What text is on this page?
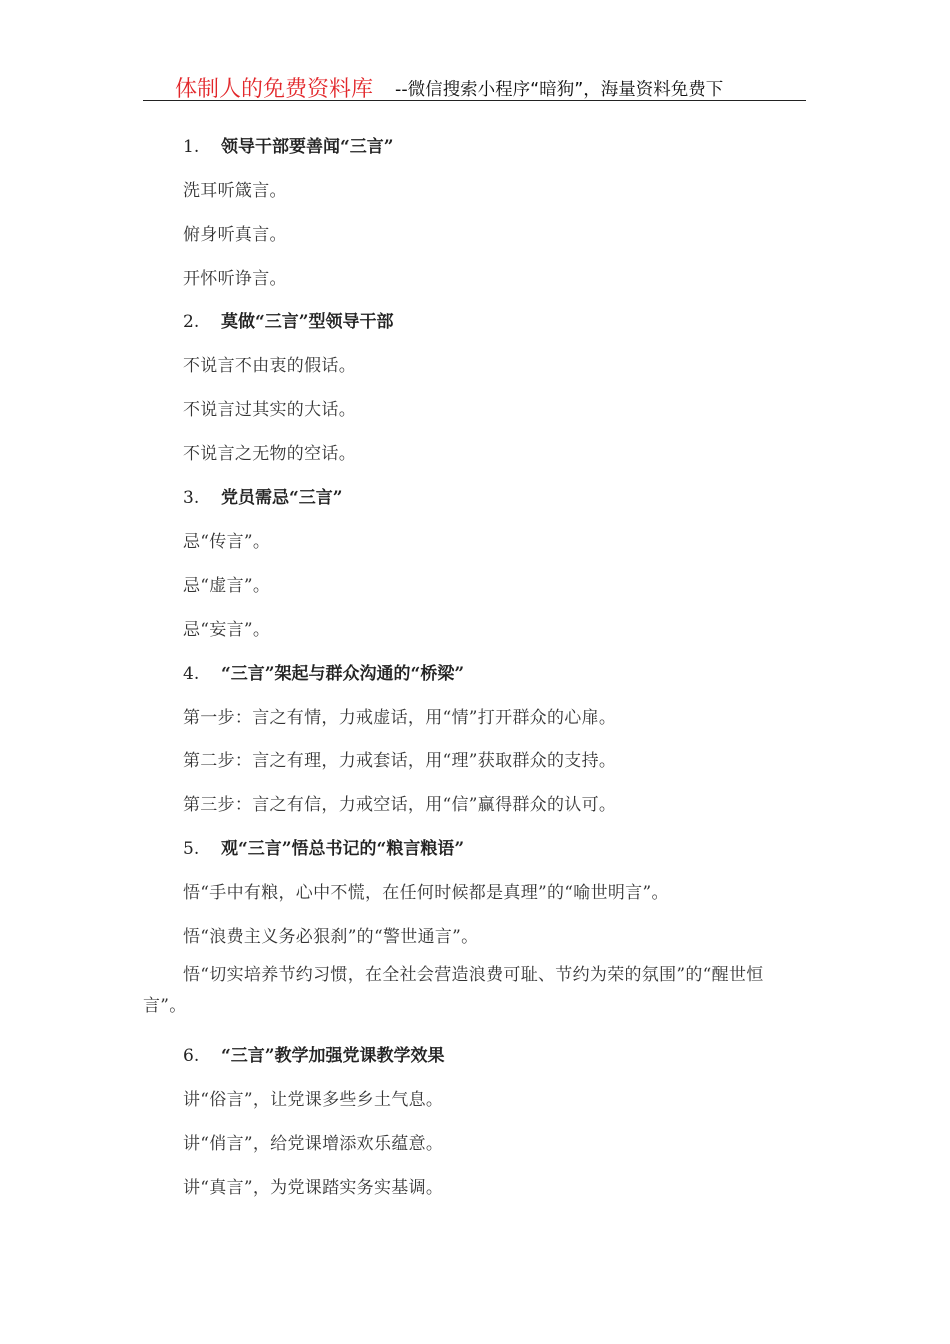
体制人的免费资料库 --微信搜索小程序“暗狗”，海量资料免费下
1. 领导干部要善闻“三言”
洗耳听箴言。
俯身听真言。
开怀听诤言。
2. 莫做“三言”型领导干部
不说言不由衷的假话。
不说言过其实的大话。
不说言之无物的空话。
3. 党员需忌“三言”
忌“传言”。
忌“虚言”。
忌“妄言”。
4. “三言”架起与群众沟通的“桥梁”
第一步：言之有情，力戒虚话，用“情”打开群众的心扉。
第二步：言之有理，力戒套话，用“理”获取群众的支持。
第三步：言之有信，力戒空话，用“信”赢得群众的认可。
5. 观“三言”悟总书记的“粮言粮语”
悟“手中有粮，心中不慌，在任何时候都是真理”的“喻世明言”。
悟“浪费主义务必狠刹”的“警世通言”。
悟“切实培养节约习惯，在全社会营造浪费可耻、节约为荣的氛围”的“醒世恒言”。
6. “三言”教学加强党课教学效果
讲“俗言”，让党课多些乡土气息。
讲“俏言”，给党课增添欢乐蕴意。
讲“真言”，为党课踏实务实基调。
